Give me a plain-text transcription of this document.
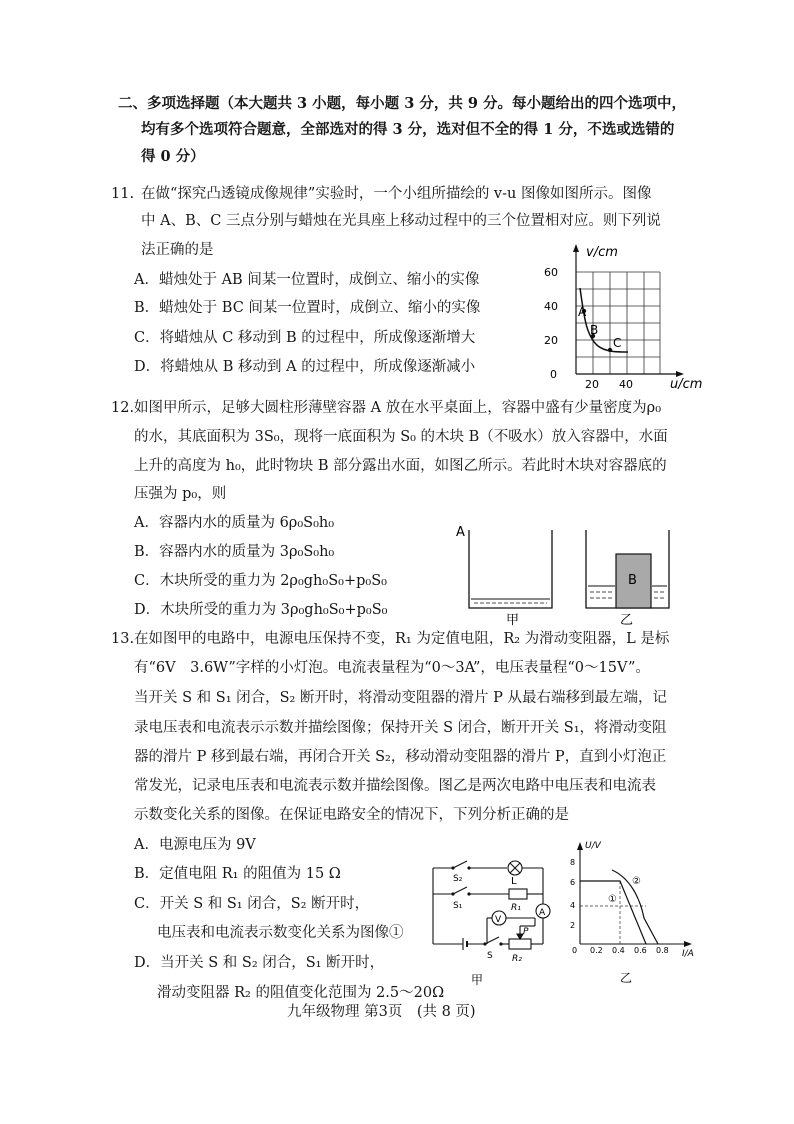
二、多项选择题（本大题共 3 小题，每小题 3 分，共 9 分。每小题给出的四个选项中，
均有多个选项符合题意，全部选对的得 3 分，选对但不全的得 1 分，不选或选错的
得 0 分）
11. 在做“探究凸透镜成像规律”实验时，一个小组所描绘的 v-u 图像如图所示。图像
中 A、B、C 三点分别与蜡烛在光具座上移动过程中的三个位置相对应。则下列说
法正确的是
A．蜡烛处于 AB 间某一位置时，成倒立、缩小的实像
B．蜡烛处于 BC 间某一位置时，成倒立、缩小的实像
C．将蜡烛从 C 移动到 B 的过程中，所成像逐渐增大
D．将蜡烛从 B 移动到 A 的过程中，所成像逐渐减小
v/cm
60
40
20
0
20 40	u/cm
A
B
C
12. 如图甲所示，足够大圆柱形薄壁容器 A 放在水平桌面上，容器中盛有少量密度为ρ₀
的水，其底面积为 3S₀，现将一底面积为 S₀ 的木块 B（不吸水）放入容器中，水面
上升的高度为 h₀，此时物块 B 部分露出水面，如图乙所示。若此时木块对容器底的
压强为 p₀，则
A．容器内水的质量为 6ρ₀S₀h₀
B．容器内水的质量为 3ρ₀S₀h₀
C．木块所受的重力为 2ρ₀gh₀S₀+p₀S₀
D．木块所受的重力为 3ρ₀gh₀S₀+p₀S₀
A
B
甲	乙
13. 在如图甲的电路中，电源电压保持不变，R₁ 为定值电阻，R₂ 为滑动变阻器，L 是标
有“6V　3.6W”字样的小灯泡。电流表量程为“0～3A”，电压表量程“0～15V”。
当开关 S 和 S₁ 闭合，S₂ 断开时，将滑动变阻器的滑片 P 从最右端移到最左端，记
录电压表和电流表示示数并描绘图像；保持开关 S 闭合，断开开关 S₁，将滑动变阻
器的滑片 P 移到最右端，再闭合开关 S₂，移动滑动变阻器的滑片 P，直到小灯泡正
常发光，记录电压表和电流表示数并描绘图像。图乙是两次电路中电压表和电流表
示数变化关系的图像。在保证电路安全的情况下，下列分析正确的是
A．电源电压为 9V
B．定值电阻 R₁ 的阻值为 15 Ω
C．开关 S 和 S₁ 闭合，S₂ 断开时，
电压表和电流表示数变化关系为图像①
D．当开关 S 和 S₂ 闭合，S₁ 断开时，
滑动变阻器 R₂ 的阻值变化范围为 2.5～20Ω
S₂	L
S₁	R₁ A
V
P
R₂
S
甲
U/V
8
6
4
2
0 0.2 0.4 0.6 0.8 I/A
①
②
乙
九年级物理 第3页　(共 8 页)
